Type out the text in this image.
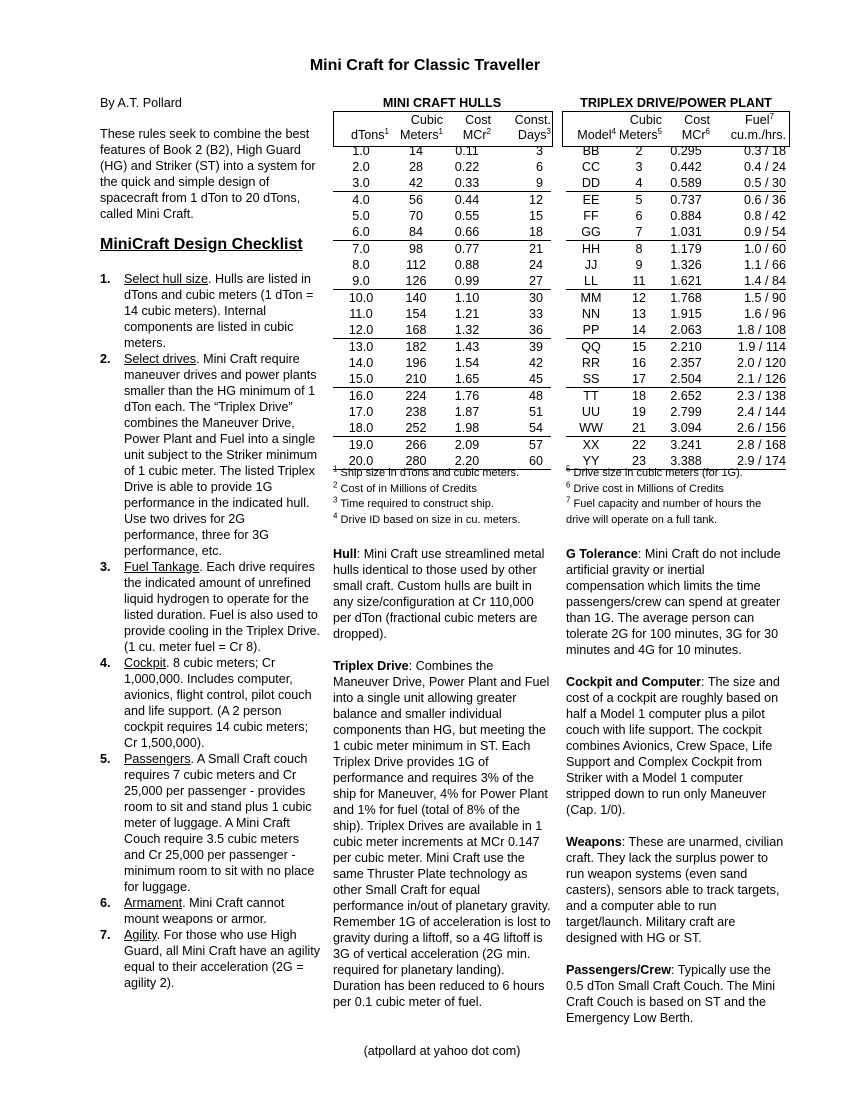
Mini Craft for Classic Traveller

By A.T. Pollard

These rules seek to combine the best features of Book 2 (B2), High Guard (HG) and Striker (ST) into a system for the quick and simple design of spacecraft from 1 dTon to 20 dTons, called Mini Craft.

MiniCraft Design Checklist
1. Select hull size. Hulls are listed in dTons and cubic meters (1 dTon = 14 cubic meters). Internal components are listed in cubic meters.
2. Select drives. Mini Craft require maneuver drives and power plants smaller than the HG minimum of 1 dTon each. The “Triplex Drive” combines the Maneuver Drive, Power Plant and Fuel into a single unit subject to the Striker minimum of 1 cubic meter. The listed Triplex Drive is able to provide 1G performance in the indicated hull. Use two drives for 2G performance, three for 3G performance, etc.
3. Fuel Tankage. Each drive requires the indicated amount of unrefined liquid hydrogen to operate for the listed duration. Fuel is also used to provide cooling in the Triplex Drive. (1 cu. meter fuel = Cr 8).
4. Cockpit. 8 cubic meters; Cr 1,000,000. Includes computer, avionics, flight control, pilot couch and life support. (A 2 person cockpit requires 14 cubic meters; Cr 1,500,000).
5. Passengers. A Small Craft couch requires 7 cubic meters and Cr 25,000 per passenger - provides room to sit and stand plus 1 cubic meter of luggage. A Mini Craft Couch require 3.5 cubic meters and Cr 25,000 per passenger - minimum room to sit with no place for luggage.
6. Armament. Mini Craft cannot mount weapons or armor.
7. Agility. For those who use High Guard, all Mini Craft have an agility equal to their acceleration (2G = agility 2).
MINI CRAFT HULLS
	Cubic	Cost	Const.
dTons$^1$	Meters$^1$	MCr$^2$	Days$^3$
1.0	14	0.11	3
2.0	28	0.22	6
3.0	42	0.33	9
4.0	56	0.44	12
5.0	70	0.55	15
6.0	84	0.66	18
7.0	98	0.77	21
8.0	112	0.88	24
9.0	126	0.99	27
10.0	140	1.10	30
11.0	154	1.21	33
12.0	168	1.32	36
13.0	182	1.43	39
14.0	196	1.54	42
15.0	210	1.65	45
16.0	224	1.76	48
17.0	238	1.87	51
18.0	252	1.98	54
19.0	266	2.09	57
20.0	280	2.20	60
$^1$ Ship size in dTons and cubic meters.
$^2$ Cost of in Millions of Credits
$^3$ Time required to construct ship.
$^4$ Drive ID based on size in cu. meters.
TRIPLEX DRIVE/POWER PLANT
	Cubic	Cost	Fuel$^7$
Model$^4$	Meters$^5$	MCr$^6$	cu.m./hrs.
BB	2	0.295	0.3 / 18
CC	3	0.442	0.4 / 24
DD	4	0.589	0.5 / 30
EE	5	0.737	0.6 / 36
FF	6	0.884	0.8 / 42
GG	7	1.031	0.9 / 54
HH	8	1.179	1.0 / 60
JJ	9	1.326	1.1 / 66
LL	11	1.621	1.4 / 84
MM	12	1.768	1.5 / 90
NN	13	1.915	1.6 / 96
PP	14	2.063	1.8 / 108
QQ	15	2.210	1.9 / 114
RR	16	2.357	2.0 / 120
SS	17	2.504	2.1 / 126
TT	18	2.652	2.3 / 138
UU	19	2.799	2.4 / 144
WW	21	3.094	2.6 / 156
XX	22	3.241	2.8 / 168
YY	23	3.388	2.9 / 174
$^5$ Drive size in cubic meters (for 1G).
$^6$ Drive cost in Millions of Credits
$^7$ Fuel capacity and number of hours the drive will operate on a full tank.

Hull: Mini Craft use streamlined metal hulls identical to those used by other small craft. Custom hulls are built in any size/configuration at Cr 110,000 per dTon (fractional cubic meters are dropped).

Triplex Drive: Combines the Maneuver Drive, Power Plant and Fuel into a single unit allowing greater balance and smaller individual components than HG, but meeting the 1 cubic meter minimum in ST. Each Triplex Drive provides 1G of performance and requires 3% of the ship for Maneuver, 4% for Power Plant and 1% for fuel (total of 8% of the ship). Triplex Drives are available in 1 cubic meter increments at MCr 0.147 per cubic meter. Mini Craft use the same Thruster Plate technology as other Small Craft for equal performance in/out of planetary gravity. Remember 1G of acceleration is lost to gravity during a liftoff, so a 4G liftoff is 3G of vertical acceleration (2G min. required for planetary landing). Duration has been reduced to 6 hours per 0.1 cubic meter of fuel.

(atpollard at yahoo dot com)

G Tolerance: Mini Craft do not include artificial gravity or inertial compensation which limits the time passengers/crew can spend at greater than 1G. The average person can tolerate 2G for 100 minutes, 3G for 30 minutes and 4G for 10 minutes.

Cockpit and Computer: The size and cost of a cockpit are roughly based on half a Model 1 computer plus a pilot couch with life support. The cockpit combines Avionics, Crew Space, Life Support and Complex Cockpit from Striker with a Model 1 computer stripped down to run only Maneuver (Cap. 1/0).

Weapons: These are unarmed, civilian craft. They lack the surplus power to run weapon systems (even sand casters), sensors able to track targets, and a computer able to run target/launch. Military craft are designed with HG or ST.

Passengers/Crew: Typically use the 0.5 dTon Small Craft Couch. The Mini Craft Couch is based on ST and the Emergency Low Berth.
